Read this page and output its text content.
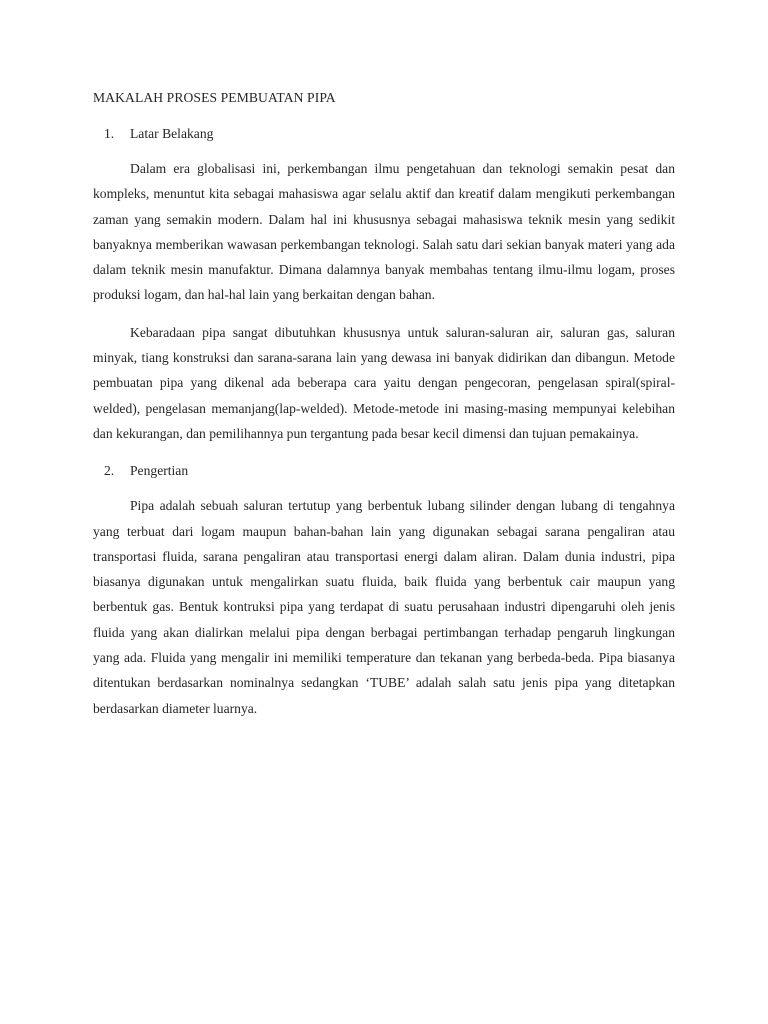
MAKALAH PROSES PEMBUATAN PIPA

1.	Latar Belakang

Dalam era globalisasi ini, perkembangan ilmu pengetahuan dan teknologi semakin pesat dan kompleks, menuntut kita sebagai mahasiswa agar selalu aktif dan kreatif dalam mengikuti perkembangan zaman yang semakin modern. Dalam hal ini khususnya sebagai mahasiswa teknik mesin yang sedikit banyaknya memberikan wawasan perkembangan teknologi. Salah satu dari sekian banyak materi yang ada dalam teknik mesin manufaktur. Dimana dalamnya banyak membahas tentang ilmu-ilmu logam, proses produksi logam, dan hal-hal lain yang berkaitan dengan bahan.

Kebaradaan pipa sangat dibutuhkan khususnya untuk saluran-saluran air, saluran gas, saluran minyak, tiang konstruksi dan sarana-sarana lain yang dewasa ini banyak didirikan dan dibangun. Metode pembuatan pipa yang dikenal ada beberapa cara yaitu dengan pengecoran, pengelasan spiral(spiral-welded), pengelasan memanjang(lap-welded). Metode-metode ini masing-masing mempunyai kelebihan dan kekurangan, dan pemilihannya pun tergantung pada besar kecil dimensi dan tujuan pemakainya.

2.	Pengertian

Pipa adalah sebuah saluran tertutup yang berbentuk lubang silinder dengan lubang di tengahnya yang terbuat dari logam maupun bahan-bahan lain yang digunakan sebagai sarana pengaliran atau transportasi fluida, sarana pengaliran atau transportasi energi dalam aliran. Dalam dunia industri, pipa biasanya digunakan untuk mengalirkan suatu fluida, baik fluida yang berbentuk cair maupun yang berbentuk gas. Bentuk kontruksi pipa yang terdapat di suatu perusahaan industri dipengaruhi oleh jenis fluida yang akan dialirkan melalui pipa dengan berbagai pertimbangan terhadap pengaruh lingkungan yang ada. Fluida yang mengalir ini memiliki temperature dan tekanan yang berbeda-beda. Pipa biasanya ditentukan berdasarkan nominalnya sedangkan ‘TUBE’ adalah salah satu jenis pipa yang ditetapkan berdasarkan diameter luarnya.
